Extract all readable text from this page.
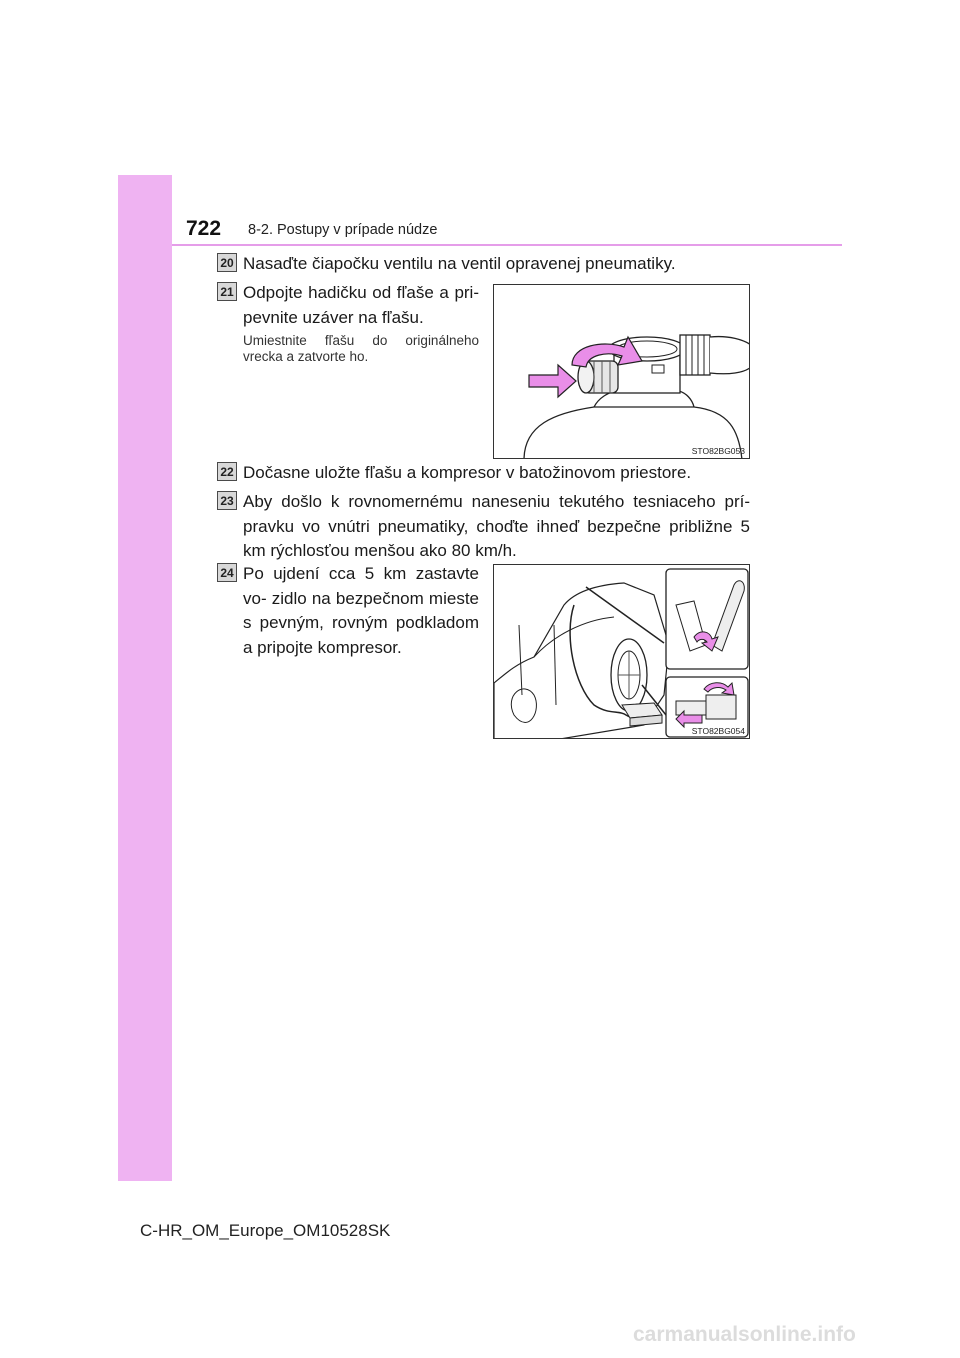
722 8-2. Postupy v prípade núdze
20 Nasaďte čiapočku ventilu na ventil opravenej pneumatiky.
21 Odpojte hadičku od fľaše a pri- pevnite uzáver na fľašu.
Umiestnite fľašu do originálneho vrecka a zatvorte ho.
STO82BG053
22 Dočasne uložte fľašu a kompresor v batožinovom priestore.
23 Aby došlo k rovnomernému naneseniu tekutého tesniaceho prí- pravku vo vnútri pneumatiky, choďte ihneď bezpečne približne 5 km rýchlosťou menšou ako 80 km/h.
24 Po ujdení cca 5 km zastavte vo- zidlo na bezpečnom mieste s pevným, rovným podkladom a pripojte kompresor.
STO82BG054
C-HR_OM_Europe_OM10528SK
carmanualsonline.info
